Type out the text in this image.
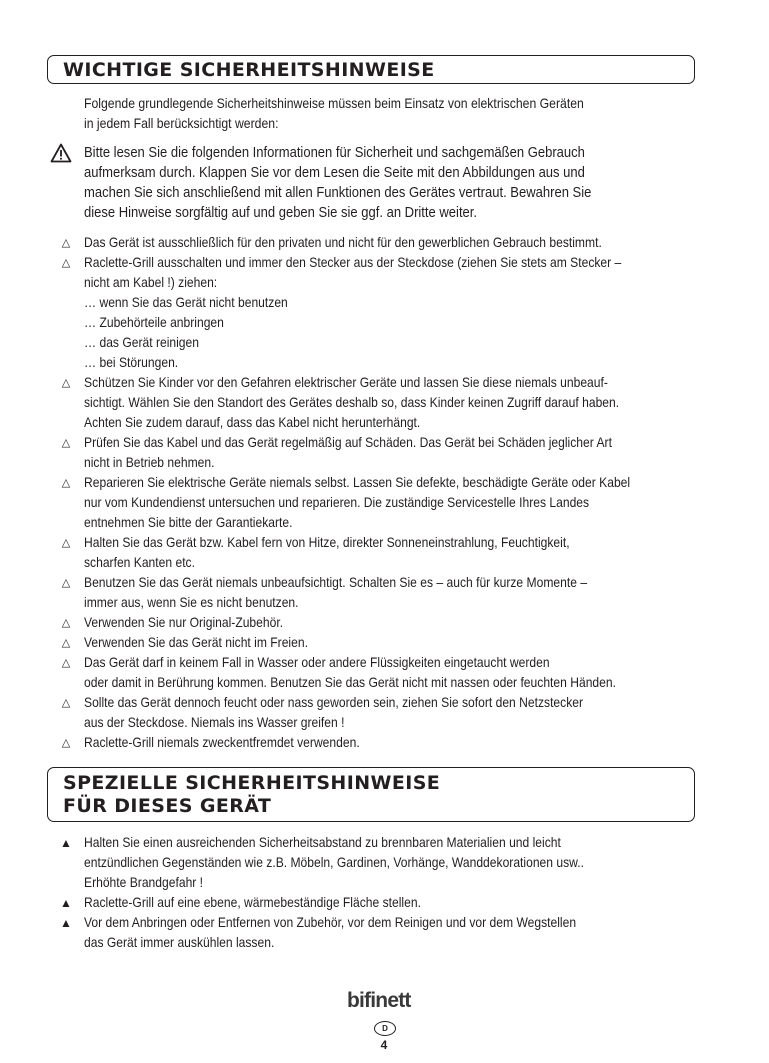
WICHTIGE SICHERHEITSHINWEISE
Folgende grundlegende Sicherheitshinweise müssen beim Einsatz von elektrischen Geräten
in jedem Fall berücksichtigt werden:
Bitte lesen Sie die folgenden Informationen für Sicherheit und sachgemäßen Gebrauch
aufmerksam durch. Klappen Sie vor dem Lesen die Seite mit den Abbildungen aus und
machen Sie sich anschließend mit allen Funktionen des Gerätes vertraut. Bewahren Sie
diese Hinweise sorgfältig auf und geben Sie sie ggf. an Dritte weiter.
△ Das Gerät ist ausschließlich für den privaten und nicht für den gewerblichen Gebrauch bestimmt.
△ Raclette-Grill ausschalten und immer den Stecker aus der Steckdose (ziehen Sie stets am Stecker –
nicht am Kabel !) ziehen:
… wenn Sie das Gerät nicht benutzen
… Zubehörteile anbringen
… das Gerät reinigen
… bei Störungen.
△ Schützen Sie Kinder vor den Gefahren elektrischer Geräte und lassen Sie diese niemals unbeauf-
sichtigt. Wählen Sie den Standort des Gerätes deshalb so, dass Kinder keinen Zugriff darauf haben.
Achten Sie zudem darauf, dass das Kabel nicht herunterhängt.
△ Prüfen Sie das Kabel und das Gerät regelmäßig auf Schäden. Das Gerät bei Schäden jeglicher Art
nicht in Betrieb nehmen.
△ Reparieren Sie elektrische Geräte niemals selbst. Lassen Sie defekte, beschädigte Geräte oder Kabel
nur vom Kundendienst untersuchen und reparieren. Die zuständige Servicestelle Ihres Landes
entnehmen Sie bitte der Garantiekarte.
△ Halten Sie das Gerät bzw. Kabel fern von Hitze, direkter Sonneneinstrahlung, Feuchtigkeit,
scharfen Kanten etc.
△ Benutzen Sie das Gerät niemals unbeaufsichtigt. Schalten Sie es – auch für kurze Momente –
immer aus, wenn Sie es nicht benutzen.
△ Verwenden Sie nur Original-Zubehör.
△ Verwenden Sie das Gerät nicht im Freien.
△ Das Gerät darf in keinem Fall in Wasser oder andere Flüssigkeiten eingetaucht werden
oder damit in Berührung kommen. Benutzen Sie das Gerät nicht mit nassen oder feuchten Händen.
△ Sollte das Gerät dennoch feucht oder nass geworden sein, ziehen Sie sofort den Netzstecker
aus der Steckdose. Niemals ins Wasser greifen !
△ Raclette-Grill niemals zweckentfremdet verwenden.
SPEZIELLE SICHERHEITSHINWEISE
FÜR DIESES GERÄT
▲ Halten Sie einen ausreichenden Sicherheitsabstand zu brennbaren Materialien und leicht
entzündlichen Gegenständen wie z.B. Möbeln, Gardinen, Vorhänge, Wanddekorationen usw..
Erhöhte Brandgefahr !
▲ Raclette-Grill auf eine ebene, wärmebeständige Fläche stellen.
▲ Vor dem Anbringen oder Entfernen von Zubehör, vor dem Reinigen und vor dem Wegstellen
das Gerät immer auskühlen lassen.
bifinett
D
4
